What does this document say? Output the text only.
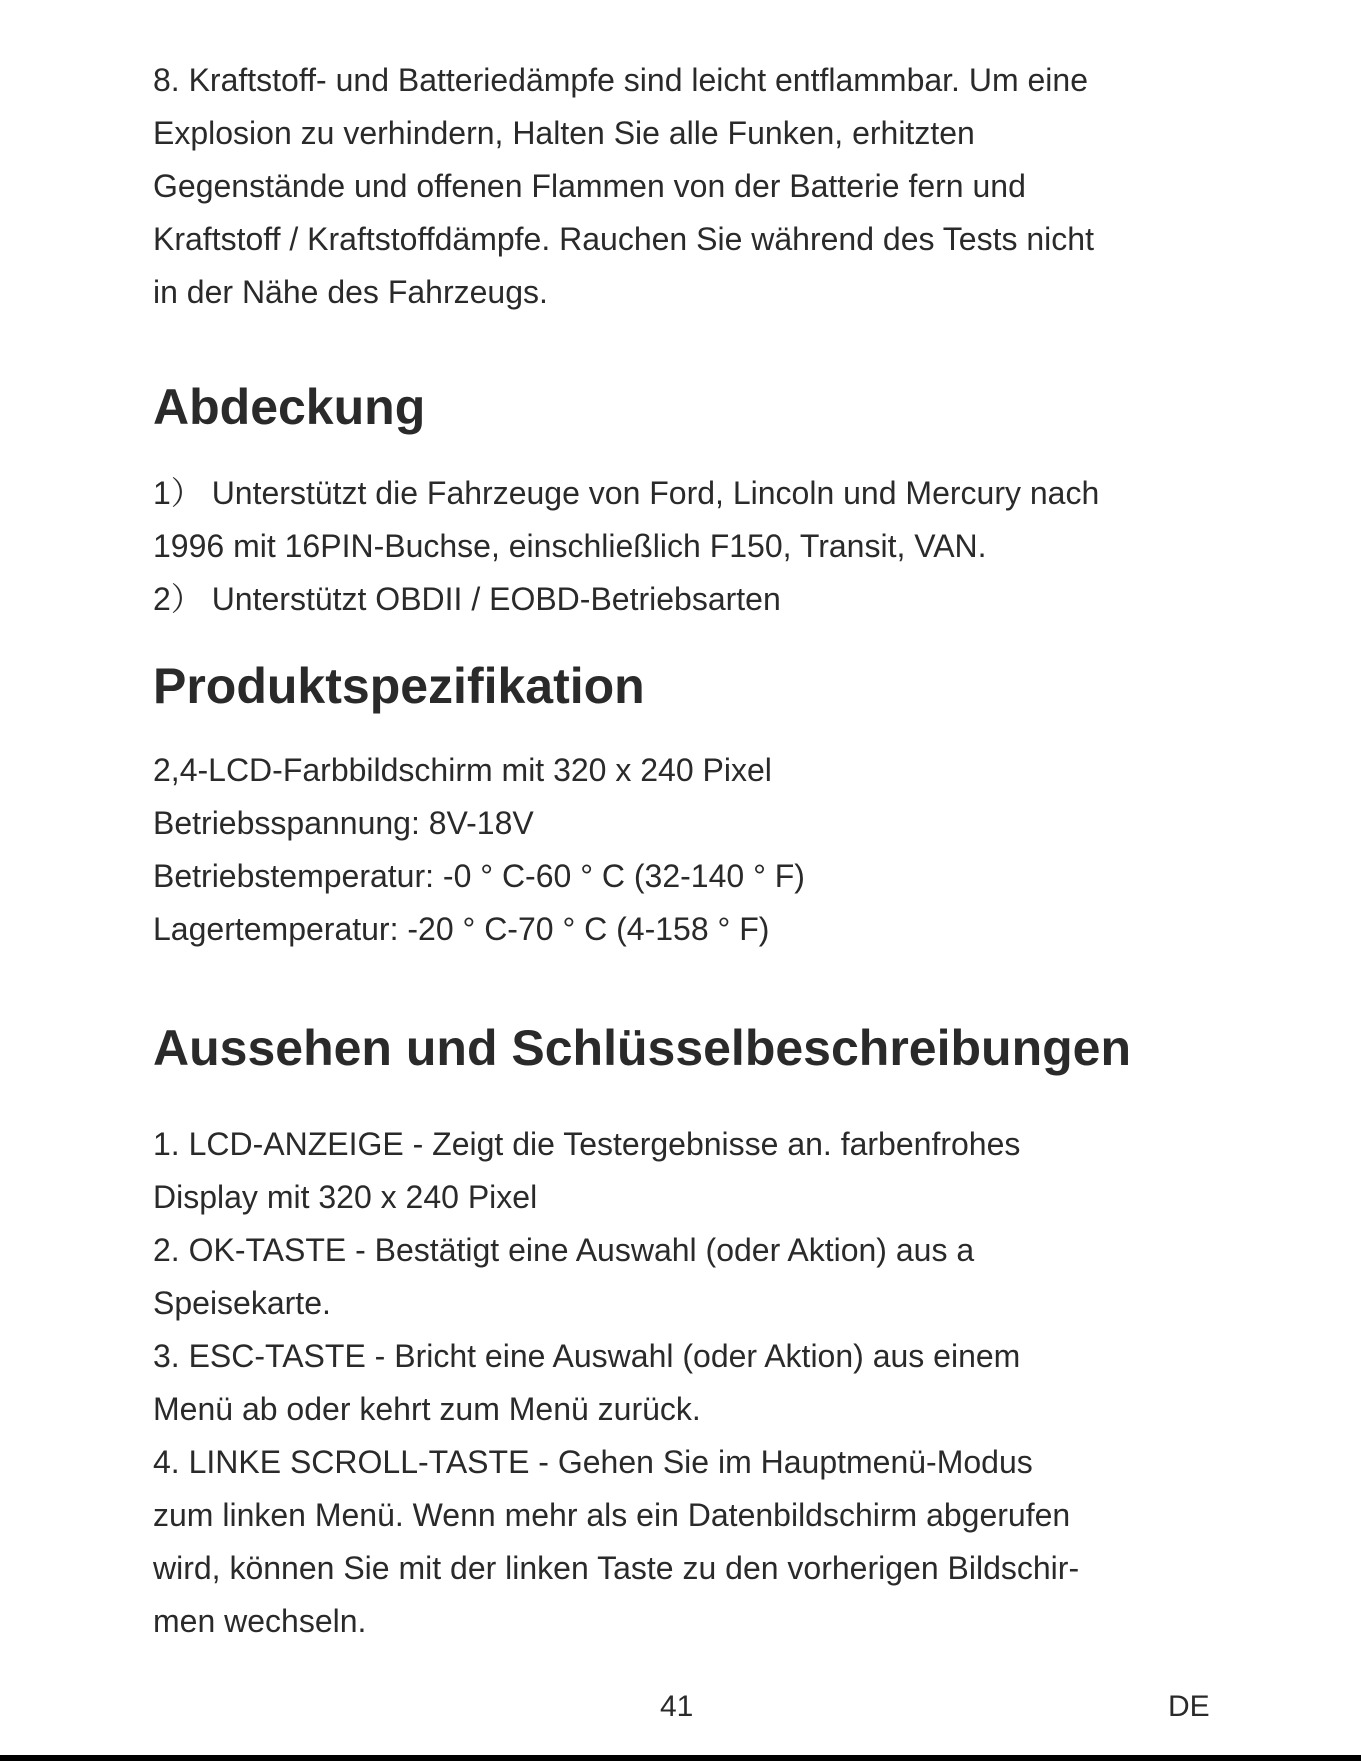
8. Kraftstoff- und Batteriedämpfe sind leicht entflammbar. Um eine

Explosion zu verhindern, Halten Sie alle Funken, erhitzten

Gegenstände und offenen Flammen von der Batterie fern und

Kraftstoff / Kraftstoffdämpfe. Rauchen Sie während des Tests nicht

in der Nähe des Fahrzeugs.

Abdeckung

1） Unterstützt die Fahrzeuge von Ford, Lincoln und Mercury nach

1996 mit 16PIN-Buchse, einschließlich F150, Transit, VAN.

2） Unterstützt OBDII / EOBD-Betriebsarten

Produktspezifikation

2,4-LCD-Farbbildschirm mit 320 x 240 Pixel

Betriebsspannung: 8V-18V

Betriebstemperatur: -0 ° C-60 ° C (32-140 ° F)

Lagertemperatur: -20 ° C-70 ° C (4-158 ° F)

Aussehen und Schlüsselbeschreibungen

1. LCD-ANZEIGE - Zeigt die Testergebnisse an. farbenfrohes

Display mit 320 x 240 Pixel

2. OK-TASTE - Bestätigt eine Auswahl (oder Aktion) aus a

Speisekarte.

3. ESC-TASTE - Bricht eine Auswahl (oder Aktion) aus einem

Menü ab oder kehrt zum Menü zurück.

4. LINKE SCROLL-TASTE - Gehen Sie im Hauptmenü-Modus

zum linken Menü. Wenn mehr als ein Datenbildschirm abgerufen

wird, können Sie mit der linken Taste zu den vorherigen Bildschir-

men wechseln.

41	DE
